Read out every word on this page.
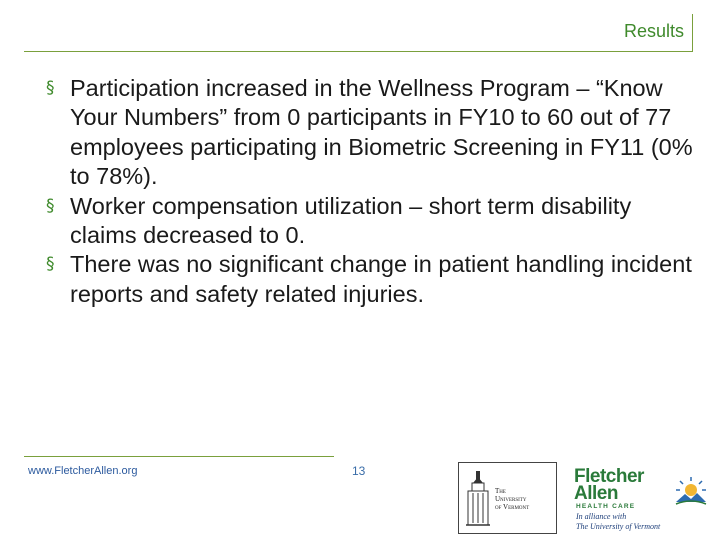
Results
§ Participation increased in the Wellness Program – “Know Your Numbers” from 0 participants in FY10 to 60 out of 77 employees participating in Biometric Screening in FY11 (0% to 78%).
§ Worker compensation utilization – short term disability claims decreased to 0.
§ There was no significant change in patient handling incident reports and safety related injuries.
www.FletcherAllen.org	13
The
University
of Vermont
Fletcher
Allen
HEALTH CARE
In alliance with
The University of Vermont
